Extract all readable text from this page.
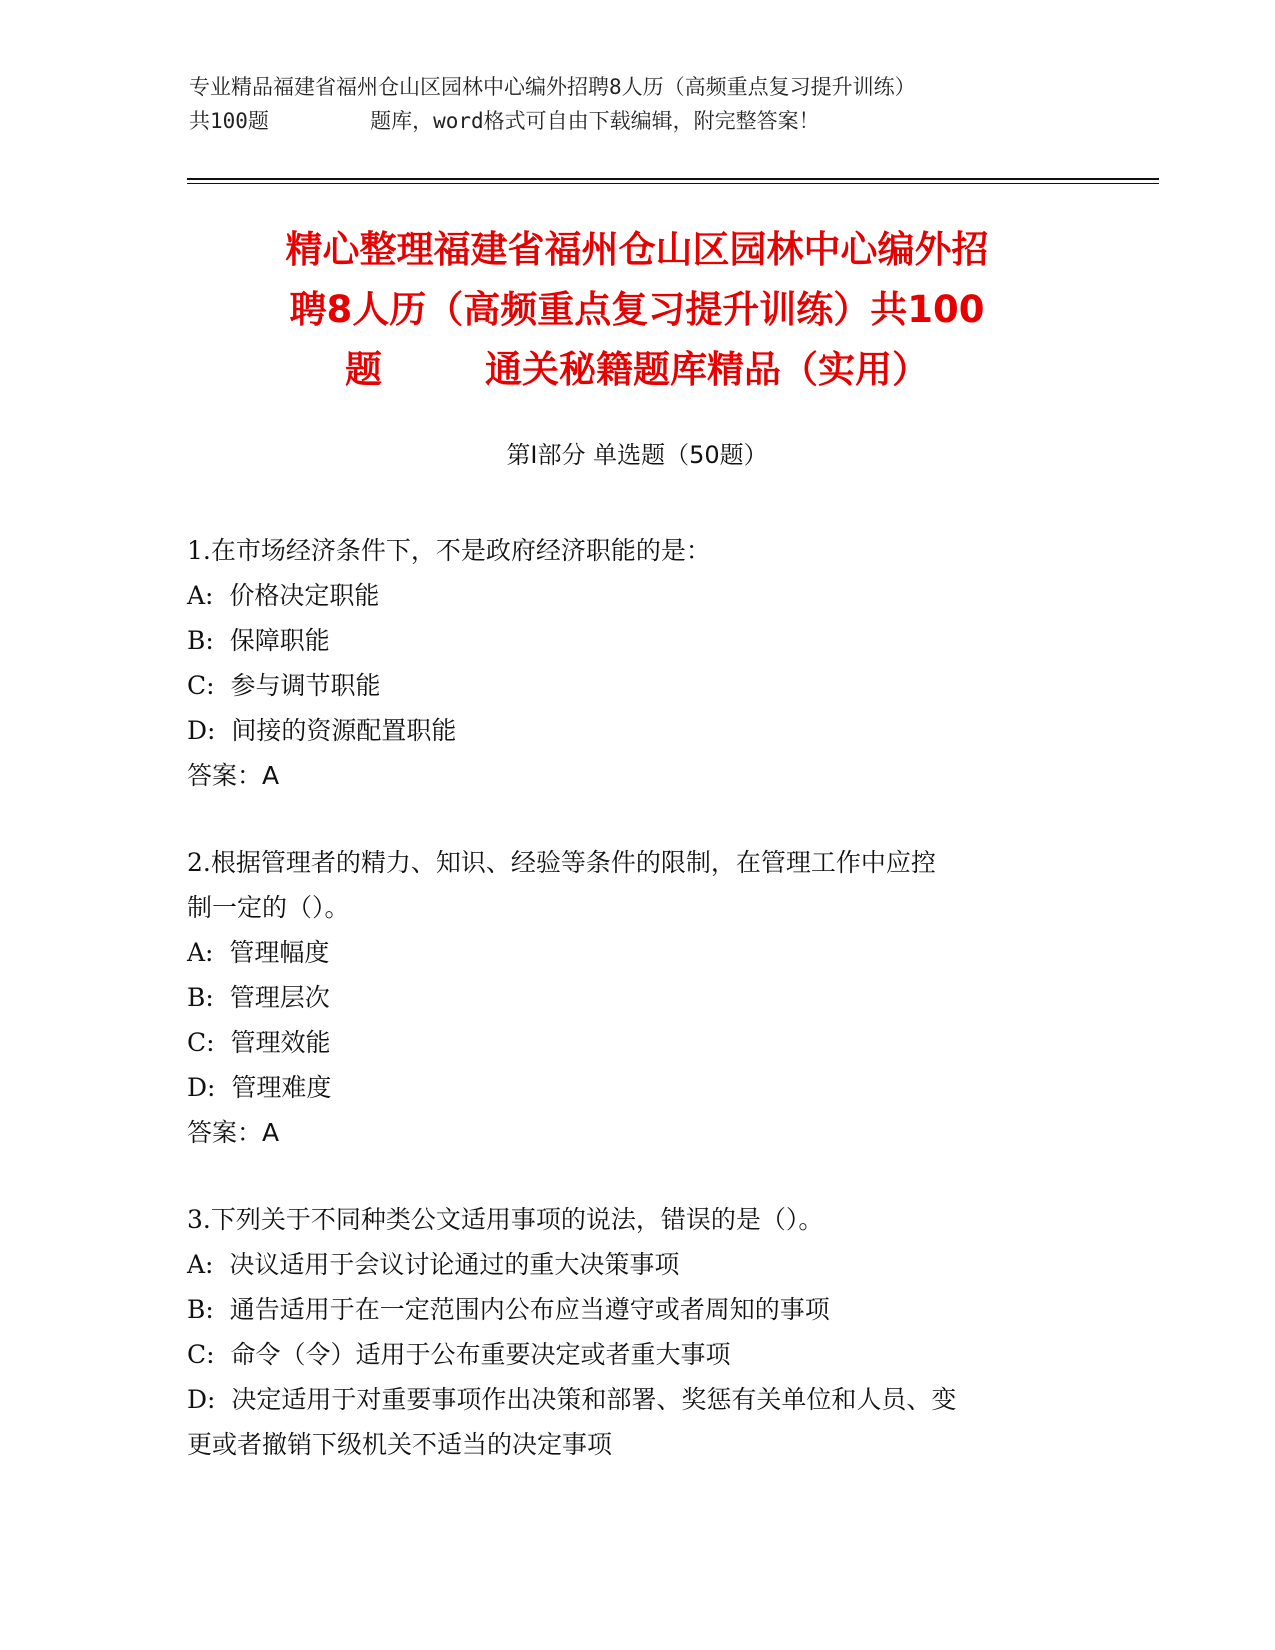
专业精品福建省福州仓山区园林中心编外招聘8人历（高频重点复习提升训练）
共100题        题库，word格式可自由下载编辑，附完整答案！
精心整理福建省福州仓山区园林中心编外招
聘8人历（高频重点复习提升训练）共100
题        通关秘籍题库精品（实用）
第Ⅰ部分 单选题（50题）
1.在市场经济条件下，不是政府经济职能的是：
A:  价格决定职能
B:  保障职能
C:  参与调节职能
D:  间接的资源配置职能
答案：A
2.根据管理者的精力、知识、经验等条件的限制，在管理工作中应控
制一定的（）。
A:  管理幅度
B:  管理层次
C:  管理效能
D:  管理难度
答案：A
3.下列关于不同种类公文适用事项的说法，错误的是（）。
A:  决议适用于会议讨论通过的重大决策事项
B:  通告适用于在一定范围内公布应当遵守或者周知的事项
C:  命令（令）适用于公布重要决定或者重大事项
D:  决定适用于对重要事项作出决策和部署、奖惩有关单位和人员、变
更或者撤销下级机关不适当的决定事项
